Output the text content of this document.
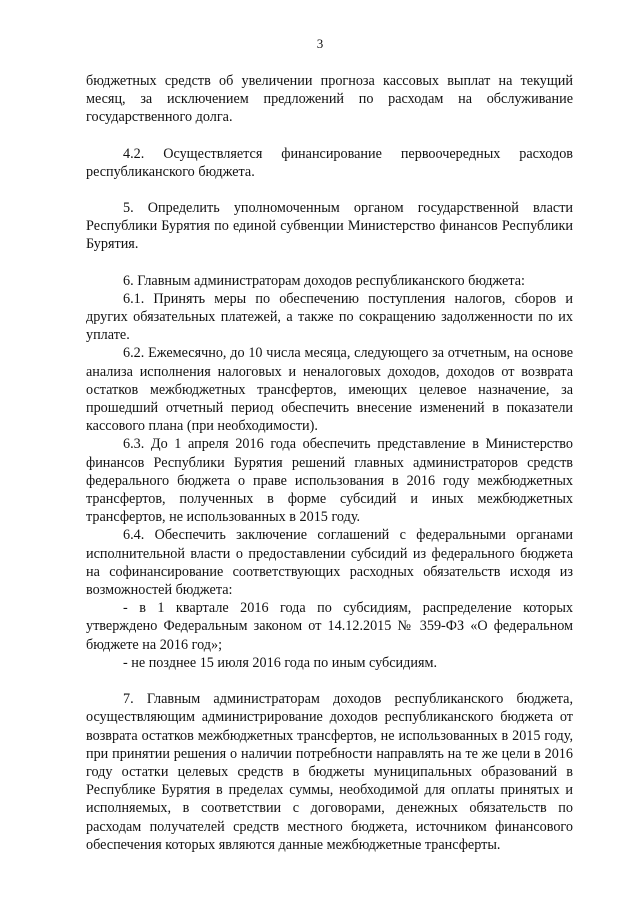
3

бюджетных средств об увеличении прогноза кассовых выплат на текущий месяц, за исключением предложений по расходам на обслуживание государственного долга.

4.2. Осуществляется финансирование первоочередных расходов республиканского бюджета.

5. Определить уполномоченным органом государственной власти Республики Бурятия по единой субвенции Министерство финансов Республики Бурятия.

6. Главным администраторам доходов республиканского бюджета:

6.1. Принять меры по обеспечению поступления налогов, сборов и других обязательных платежей, а также по сокращению задолженности по их уплате.

6.2. Ежемесячно, до 10 числа месяца, следующего за отчетным, на основе анализа исполнения налоговых и неналоговых доходов, доходов от возврата остатков межбюджетных трансфертов, имеющих целевое назначение, за прошедший отчетный период обеспечить внесение изменений в показатели кассового плана (при необходимости).

6.3. До 1 апреля 2016 года обеспечить представление в Министерство финансов Республики Бурятия решений главных администраторов средств федерального бюджета о праве использования в 2016 году межбюджетных трансфертов, полученных в форме субсидий и иных межбюджетных трансфертов, не использованных в 2015 году.

6.4. Обеспечить заключение соглашений с федеральными органами исполнительной власти о предоставлении субсидий из федерального бюджета на софинансирование соответствующих расходных обязательств исходя из возможностей бюджета:

- в 1 квартале 2016 года по субсидиям, распределение которых утверждено Федеральным законом от 14.12.2015 № 359-ФЗ «О федеральном бюджете на 2016 год»;

- не позднее 15 июля 2016 года по иным субсидиям.

7. Главным администраторам доходов республиканского бюджета, осуществляющим администрирование доходов республиканского бюджета от возврата остатков межбюджетных трансфертов, не использованных в 2015 году, при принятии решения о наличии потребности направлять на те же цели в 2016 году остатки целевых средств в бюджеты муниципальных образований в Республике Бурятия в пределах суммы, необходимой для оплаты принятых и исполняемых, в соответствии с договорами, денежных обязательств по расходам получателей средств местного бюджета, источником финансового обеспечения которых являются данные межбюджетные трансферты.
